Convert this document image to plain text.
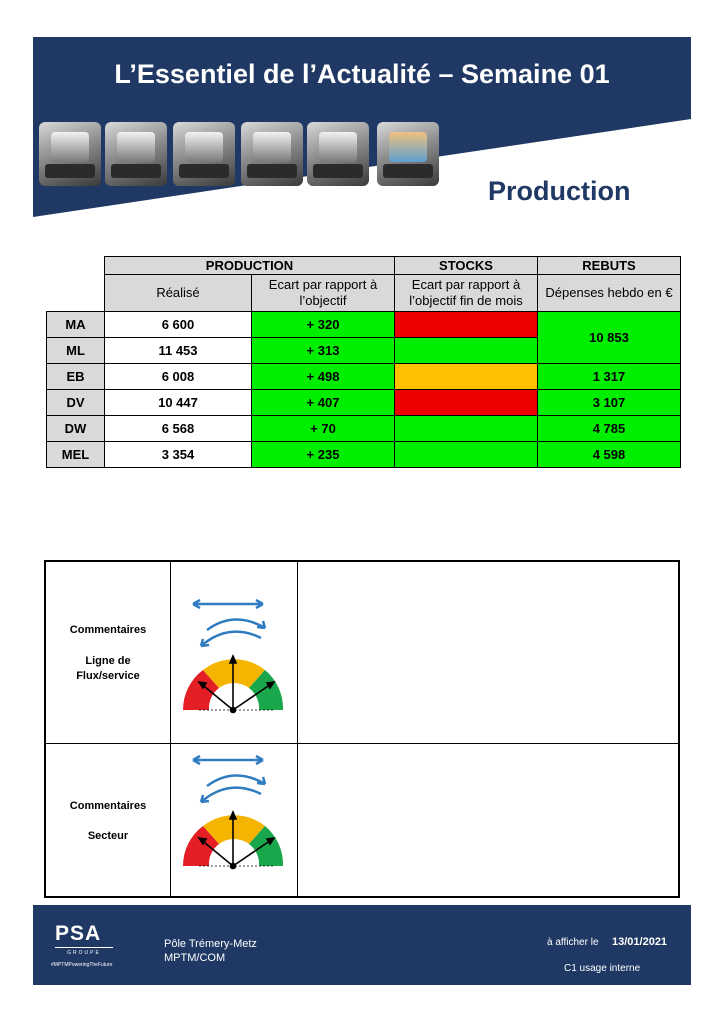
L’Essentiel de l’Actualité – Semaine 01
Production
	PRODUCTION		STOCKS	REBUTS
	Réalisé	Ecart par rapport à l’objectif	Ecart par rapport à l’objectif fin de mois	Dépenses hebdo en €
MA	6 600	+ 320		10 853
ML	11 453	+ 313		
EB	6 008	+ 498		1 317
DV	10 447	+ 407		3 107
DW	6 568	+ 70		4 785
MEL	3 354	+ 235		4 598
Commentaires
Ligne de Flux/service
Commentaires
Secteur
PSA
GROUPE
#MPTMPoweringTheFuture
Pôle Trémery-Metz
MPTM/COM
à afficher le 13/01/2021
C1 usage interne
